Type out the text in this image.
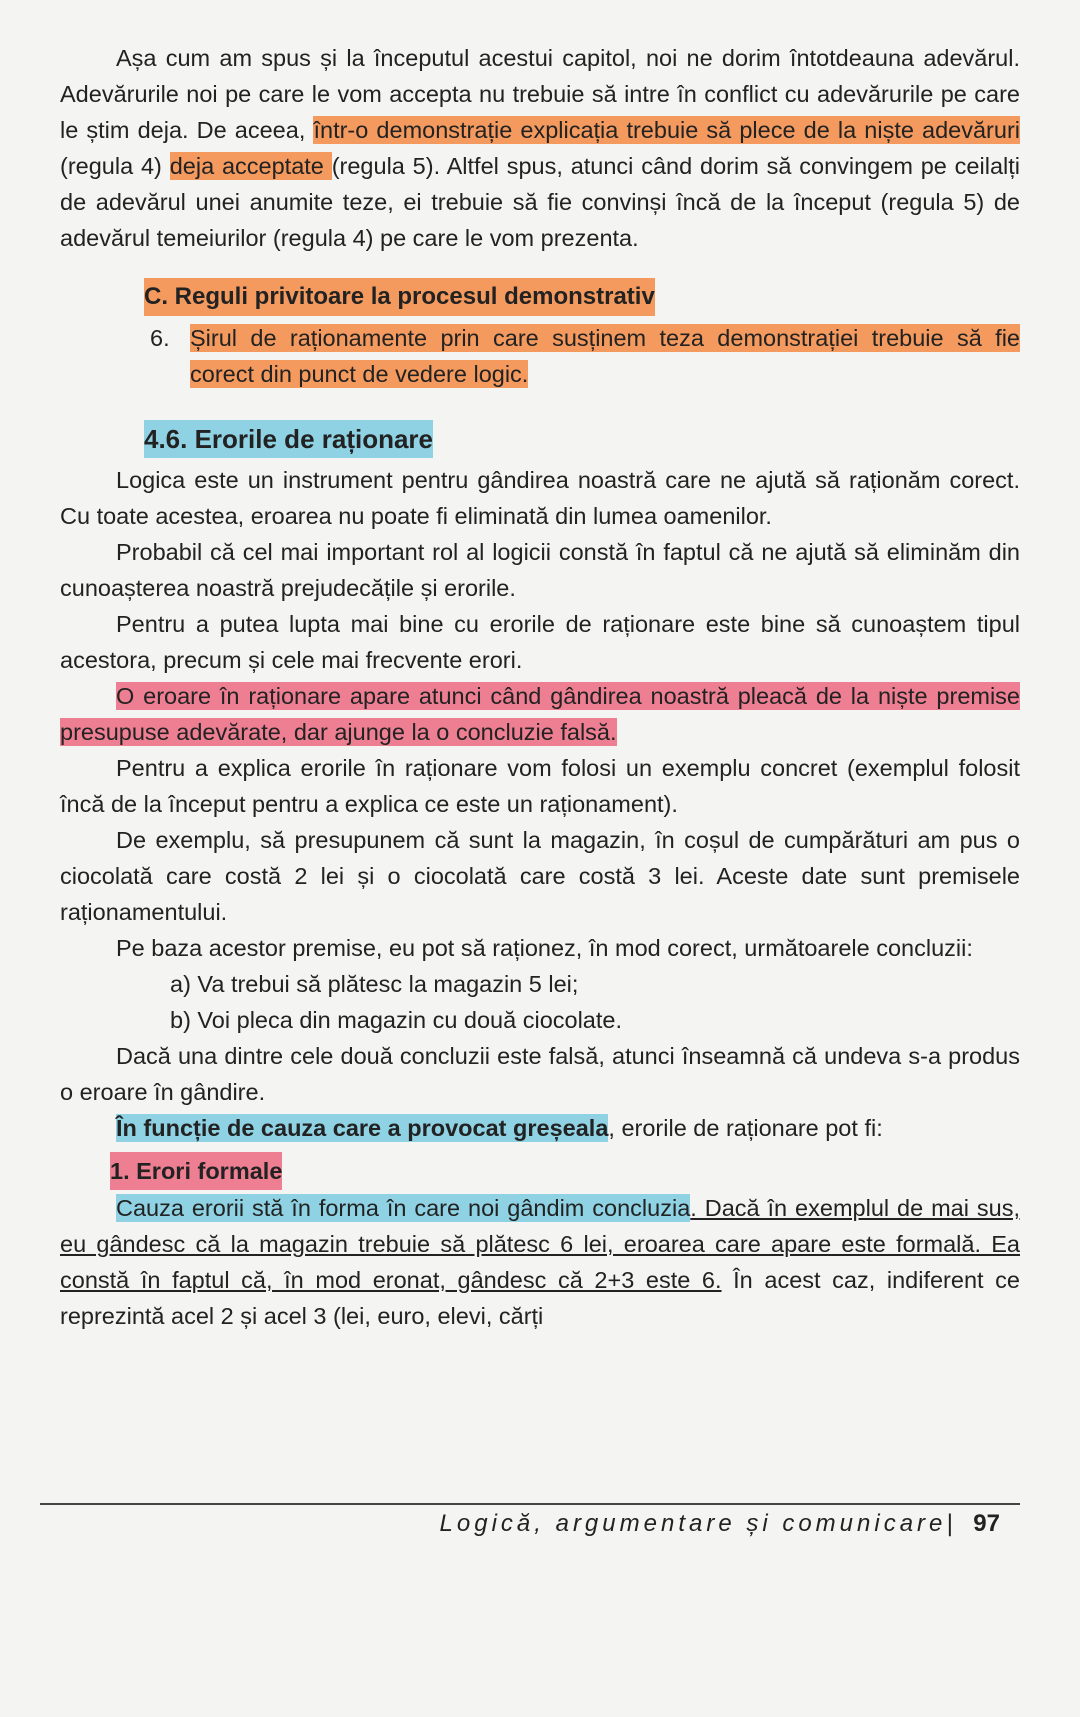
Așa cum am spus și la începutul acestui capitol, noi ne dorim întotdeauna adevărul. Adevărurile noi pe care le vom accepta nu trebuie să intre în conflict cu adevărurile pe care le știm deja. De aceea, într-o demonstrație explicația trebuie să plece de la niște adevăruri (regula 4) deja acceptate (regula 5). Altfel spus, atunci când dorim să convingem pe ceilalți de adevărul unei anumite teze, ei trebuie să fie convinși încă de la început (regula 5) de adevărul temeiurilor (regula 4) pe care le vom prezenta.

C. Reguli privitoare la procesul demonstrativ
6. Șirul de raționamente prin care susținem teza demonstrației trebuie să fie corect din punct de vedere logic.

4.6. Erorile de raționare

Logica este un instrument pentru gândirea noastră care ne ajută să raționăm corect. Cu toate acestea, eroarea nu poate fi eliminată din lumea oamenilor.

Probabil că cel mai important rol al logicii constă în faptul că ne ajută să eliminăm din cunoașterea noastră prejudecățile și erorile.

Pentru a putea lupta mai bine cu erorile de raționare este bine să cunoaștem tipul acestora, precum și cele mai frecvente erori.

O eroare în raționare apare atunci când gândirea noastră pleacă de la niște premise presupuse adevărate, dar ajunge la o concluzie falsă.

Pentru a explica erorile în raționare vom folosi un exemplu concret (exemplul folosit încă de la început pentru a explica ce este un raționament).

De exemplu, să presupunem că sunt la magazin, în coșul de cumpărături am pus o ciocolată care costă 2 lei și o ciocolată care costă 3 lei. Aceste date sunt premisele raționamentului.

Pe baza acestor premise, eu pot să raționez, în mod corect, următoarele concluzii:

a) Va trebui să plătesc la magazin 5 lei;
b) Voi pleca din magazin cu două ciocolate.

Dacă una dintre cele două concluzii este falsă, atunci înseamnă că undeva s-a produs o eroare în gândire.

În funcție de cauza care a provocat greșeala, erorile de raționare pot fi:

1. Erori formale

Cauza erorii stă în forma în care noi gândim concluzia. Dacă în exemplul de mai sus, eu gândesc că la magazin trebuie să plătesc 6 lei, eroarea care apare este formală. Ea constă în faptul că, în mod eronat, gândesc că 2+3 este 6. În acest caz, indiferent ce reprezintă acel 2 și acel 3 (lei, euro, elevi, cărți

Logică, argumentare și comunicare| 97
